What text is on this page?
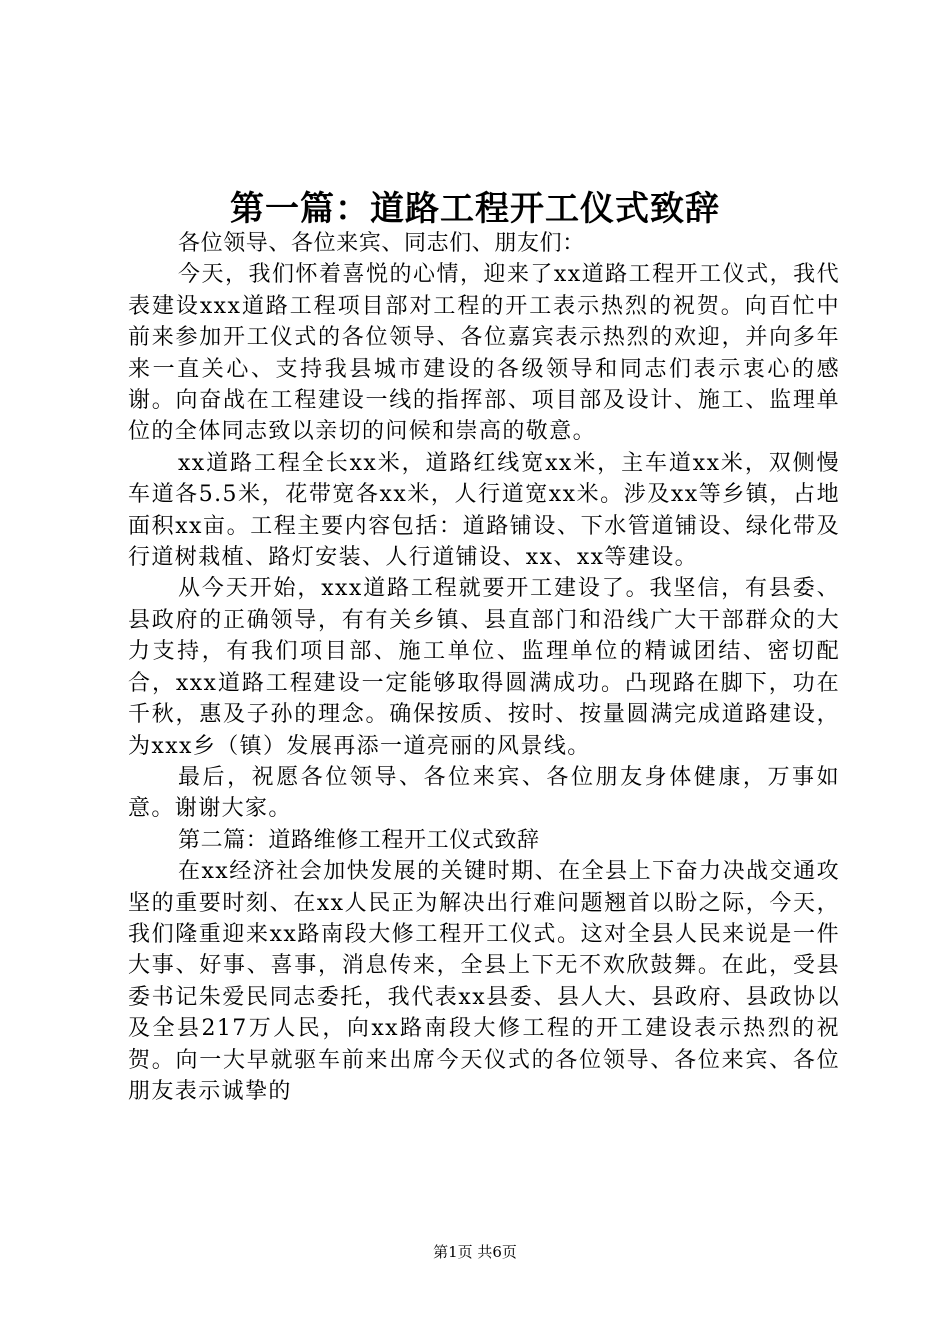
第一篇：道路工程开工仪式致辞

各位领导、各位来宾、同志们、朋友们：

今天，我们怀着喜悦的心情，迎来了xx道路工程开工仪式，我代表建设xxx道路工程项目部对工程的开工表示热烈的祝贺。向百忙中前来参加开工仪式的各位领导、各位嘉宾表示热烈的欢迎，并向多年来一直关心、支持我县城市建设的各级领导和同志们表示衷心的感谢。向奋战在工程建设一线的指挥部、项目部及设计、施工、监理单位的全体同志致以亲切的问候和崇高的敬意。

xx道路工程全长xx米，道路红线宽xx米，主车道xx米，双侧慢车道各5.5米，花带宽各xx米，人行道宽xx米。涉及xx等乡镇，占地面积xx亩。工程主要内容包括：道路铺设、下水管道铺设、绿化带及行道树栽植、路灯安装、人行道铺设、xx、xx等建设。

从今天开始，xxx道路工程就要开工建设了。我坚信，有县委、县政府的正确领导，有有关乡镇、县直部门和沿线广大干部群众的大力支持，有我们项目部、施工单位、监理单位的精诚团结、密切配合，xxx道路工程建设一定能够取得圆满成功。凸现路在脚下，功在千秋，惠及子孙的理念。确保按质、按时、按量圆满完成道路建设，为xxx乡（镇）发展再添一道亮丽的风景线。

最后，祝愿各位领导、各位来宾、各位朋友身体健康，万事如意。谢谢大家。

第二篇：道路维修工程开工仪式致辞

在xx经济社会加快发展的关键时期、在全县上下奋力决战交通攻坚的重要时刻、在xx人民正为解决出行难问题翘首以盼之际，今天，我们隆重迎来xx路南段大修工程开工仪式。这对全县人民来说是一件大事、好事、喜事，消息传来，全县上下无不欢欣鼓舞。在此，受县委书记朱爱民同志委托，我代表xx县委、县人大、县政府、县政协以及全县217万人民，向xx路南段大修工程的开工建设表示热烈的祝贺。向一大早就驱车前来出席今天仪式的各位领导、各位来宾、各位朋友表示诚挚的

第1页 共6页
